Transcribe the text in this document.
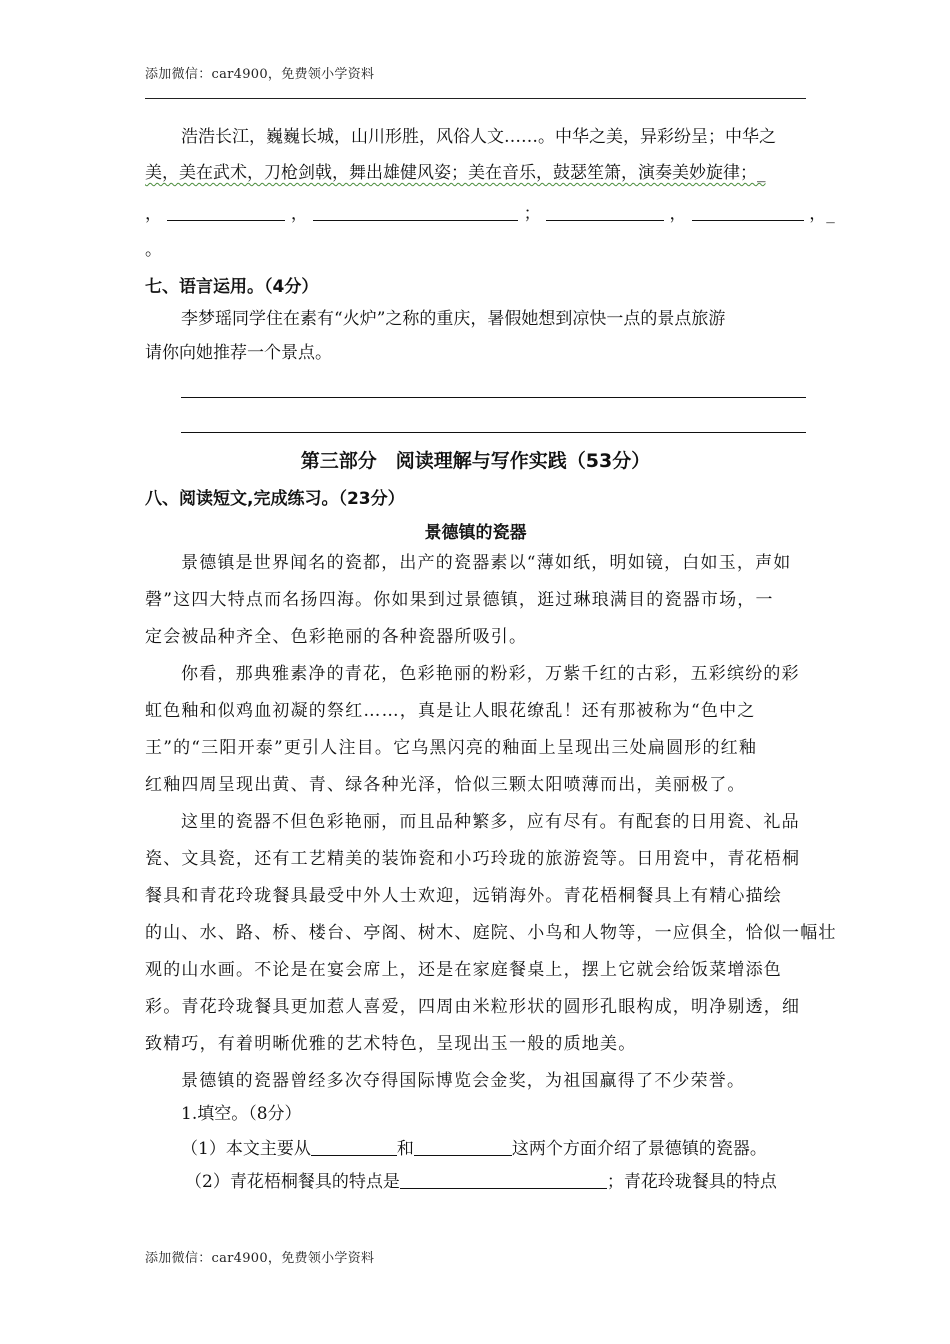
添加微信：car4900，免费领小学资料
浩浩长江，巍巍长城，山川形胜，风俗人文……。中华之美，异彩纷呈；中华之
美，美在武术，刀枪剑戟，舞出雄健风姿；美在音乐，鼓瑟笙箫，演奏美妙旋律；_
，	，	；	，	，_
。
七、语言运用。（4分）
李梦瑶同学住在素有“火炉”之称的重庆，暑假她想到凉快一点的景点旅游
请你向她推荐一个景点。
第三部分　阅读理解与写作实践（53分）
八、阅读短文,完成练习。（23分）
景德镇的瓷器
景德镇是世界闻名的瓷都，出产的瓷器素以“薄如纸，明如镜，白如玉，声如
磬”这四大特点而名扬四海。你如果到过景德镇，逛过琳琅满目的瓷器市场，一
定会被品种齐全、色彩艳丽的各种瓷器所吸引。
你看，那典雅素净的青花，色彩艳丽的粉彩，万紫千红的古彩，五彩缤纷的彩
虹色釉和似鸡血初凝的祭红……，真是让人眼花缭乱！还有那被称为“色中之
王”的“三阳开泰”更引人注目。它乌黑闪亮的釉面上呈现出三处扁圆形的红釉
红釉四周呈现出黄、青、绿各种光泽，恰似三颗太阳喷薄而出，美丽极了。
这里的瓷器不但色彩艳丽，而且品种繁多，应有尽有。有配套的日用瓷、礼品
瓷、文具瓷，还有工艺精美的装饰瓷和小巧玲珑的旅游瓷等。日用瓷中，青花梧桐
餐具和青花玲珑餐具最受中外人士欢迎，远销海外。青花梧桐餐具上有精心描绘
的山、水、路、桥、楼台、亭阁、树木、庭院、小鸟和人物等，一应俱全，恰似一幅壮
观的山水画。不论是在宴会席上，还是在家庭餐桌上，摆上它就会给饭菜增添色
彩。青花玲珑餐具更加惹人喜爱，四周由米粒形状的圆形孔眼构成，明净剔透，细
致精巧，有着明晰优雅的艺术特色，呈现出玉一般的质地美。
景德镇的瓷器曾经多次夺得国际博览会金奖，为祖国赢得了不少荣誉。
1.填空。（8分）
（1）本文主要从	和	这两个方面介绍了景德镇的瓷器。
（2）青花梧桐餐具的特点是	；青花玲珑餐具的特点
添加微信：car4900，免费领小学资料
